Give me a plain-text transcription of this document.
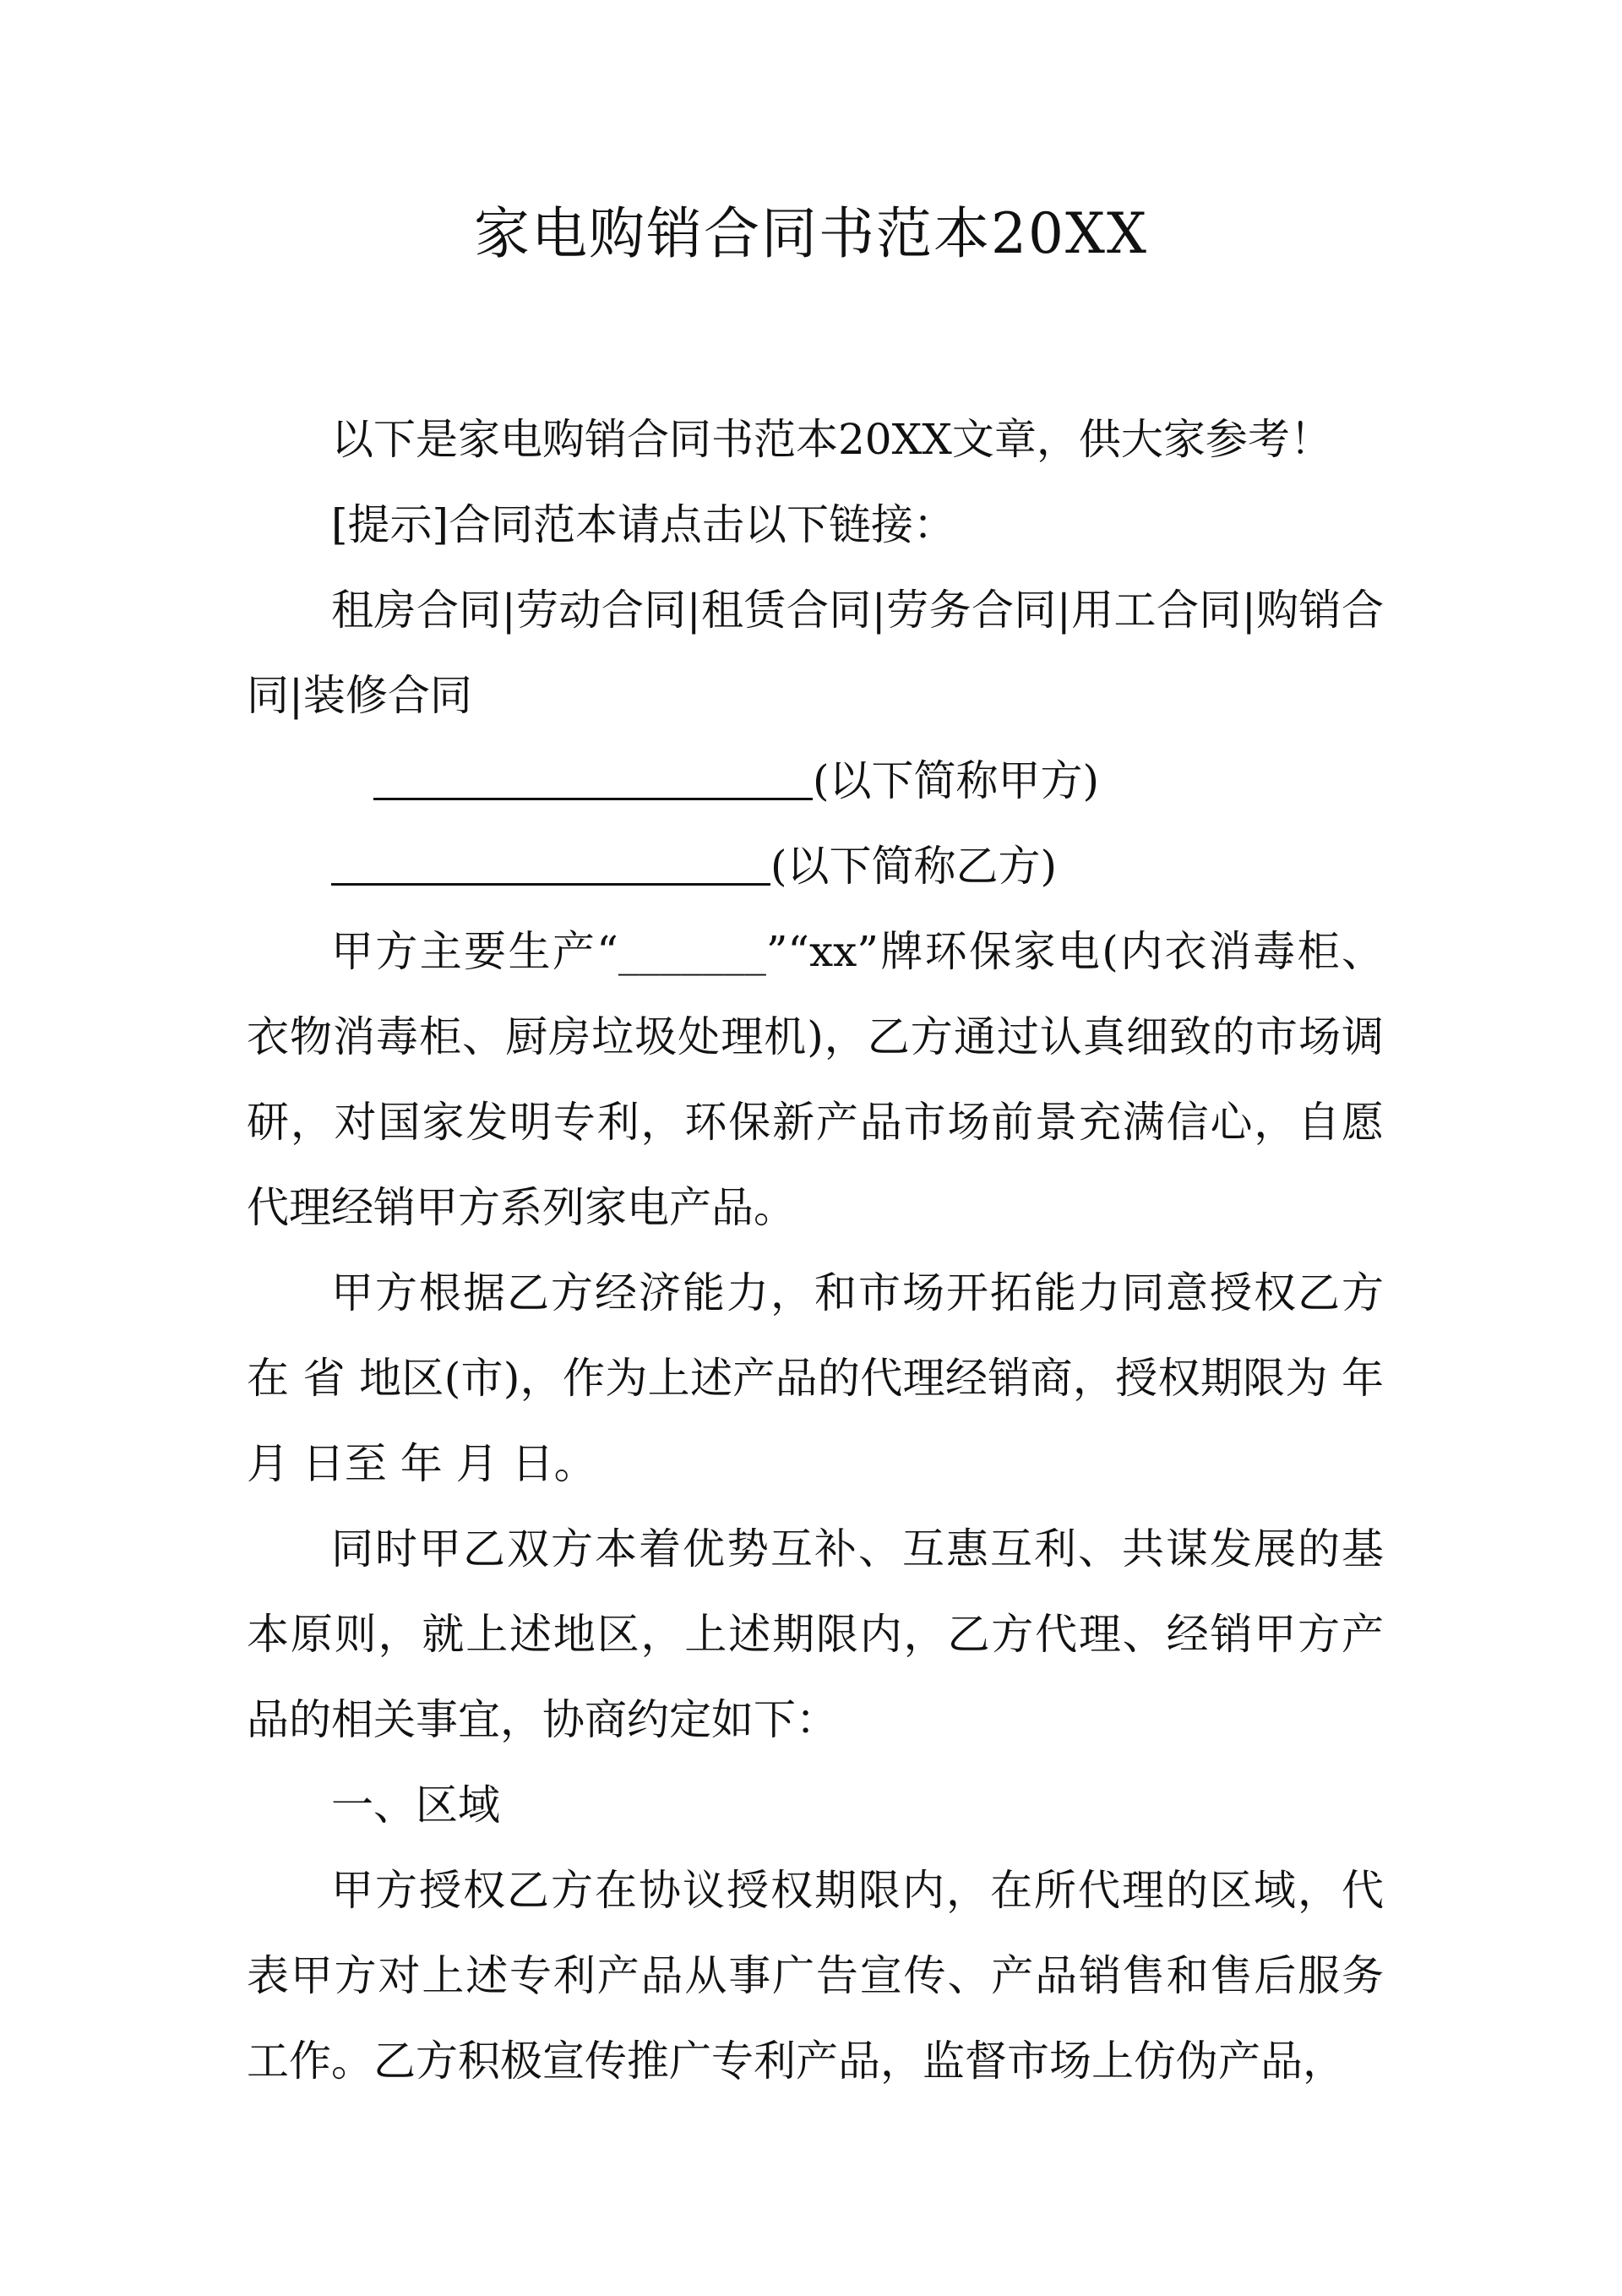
家电购销合同书范本20XX

以下是家电购销合同书范本20XX文章，供大家参考！

[提示]合同范本请点击以下链接：

租房合同|劳动合同|租赁合同|劳务合同|用工合同|购销合同|装修合同

(以下简称甲方)

(以下简称乙方)

甲方主要生产“_______”“xx”牌环保家电(内衣消毒柜、衣物消毒柜、厨房垃圾处理机)，乙方通过认真细致的市场调研，对国家发明专利，环保新产品市场前景充满信心，自愿代理经销甲方系列家电产品。

甲方根据乙方经济能力，和市场开拓能力同意授权乙方在 省 地区(市)，作为上述产品的代理经销商，授权期限为 年 月 日至 年 月 日。

同时甲乙双方本着优势互补、互惠互利、共谋发展的基本原则，就上述地区，上述期限内，乙方代理、经销甲方产品的相关事宜，协商约定如下：

一、区域

甲方授权乙方在协议授权期限内，在所代理的区域，代表甲方对上述专利产品从事广告宣传、产品销售和售后服务工作。乙方积极宣传推广专利产品，监督市场上仿伪产品，
